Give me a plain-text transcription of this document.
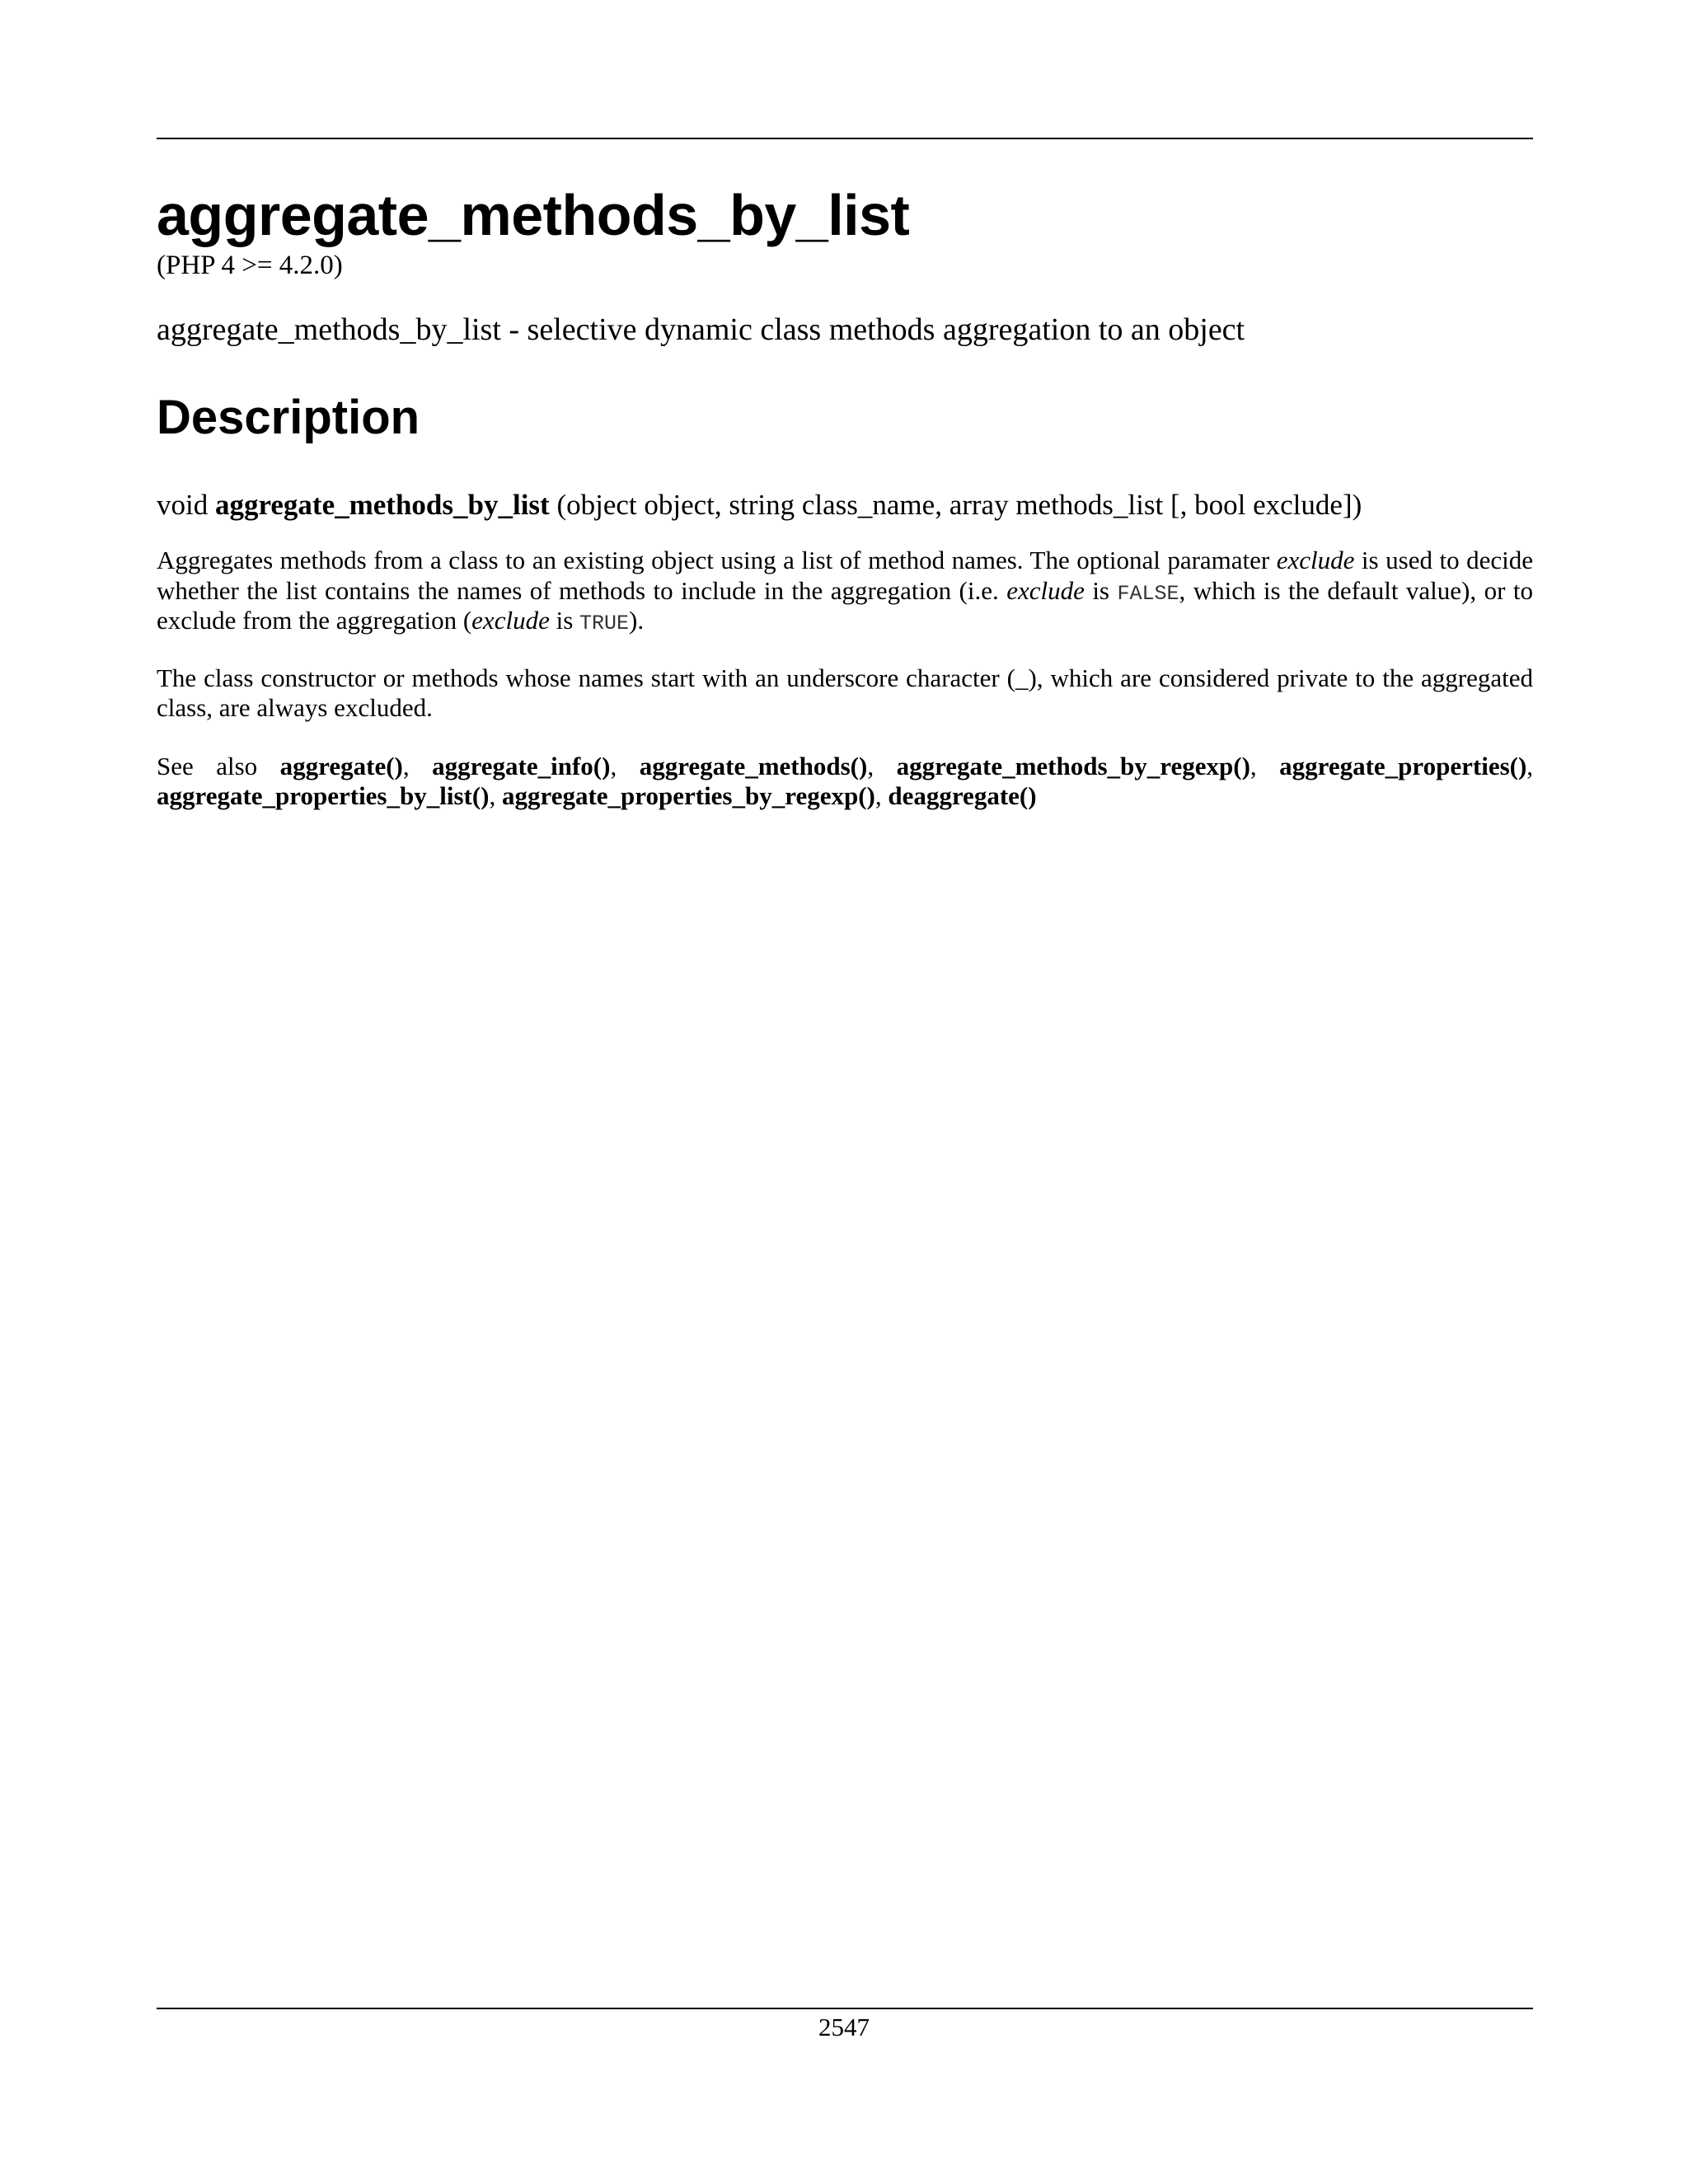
aggregate_methods_by_list
(PHP 4 >= 4.2.0)
aggregate_methods_by_list - selective dynamic class methods aggregation to an object
Description
void aggregate_methods_by_list (object object, string class_name, array methods_list [, bool exclude])

Aggregates methods from a class to an existing object using a list of method names. The optional paramater exclude is used to decide whether the list contains the names of methods to include in the aggregation (i.e. exclude is FALSE, which is the default value), or to exclude from the aggregation (exclude is TRUE).

The class constructor or methods whose names start with an underscore character (_), which are considered private to the aggregated class, are always excluded.

See also aggregate(), aggregate_info(), aggregate_methods(), aggregate_methods_by_regexp(), aggregate_properties(), aggregate_properties_by_list(), aggregate_properties_by_regexp(), deaggregate()

2547
